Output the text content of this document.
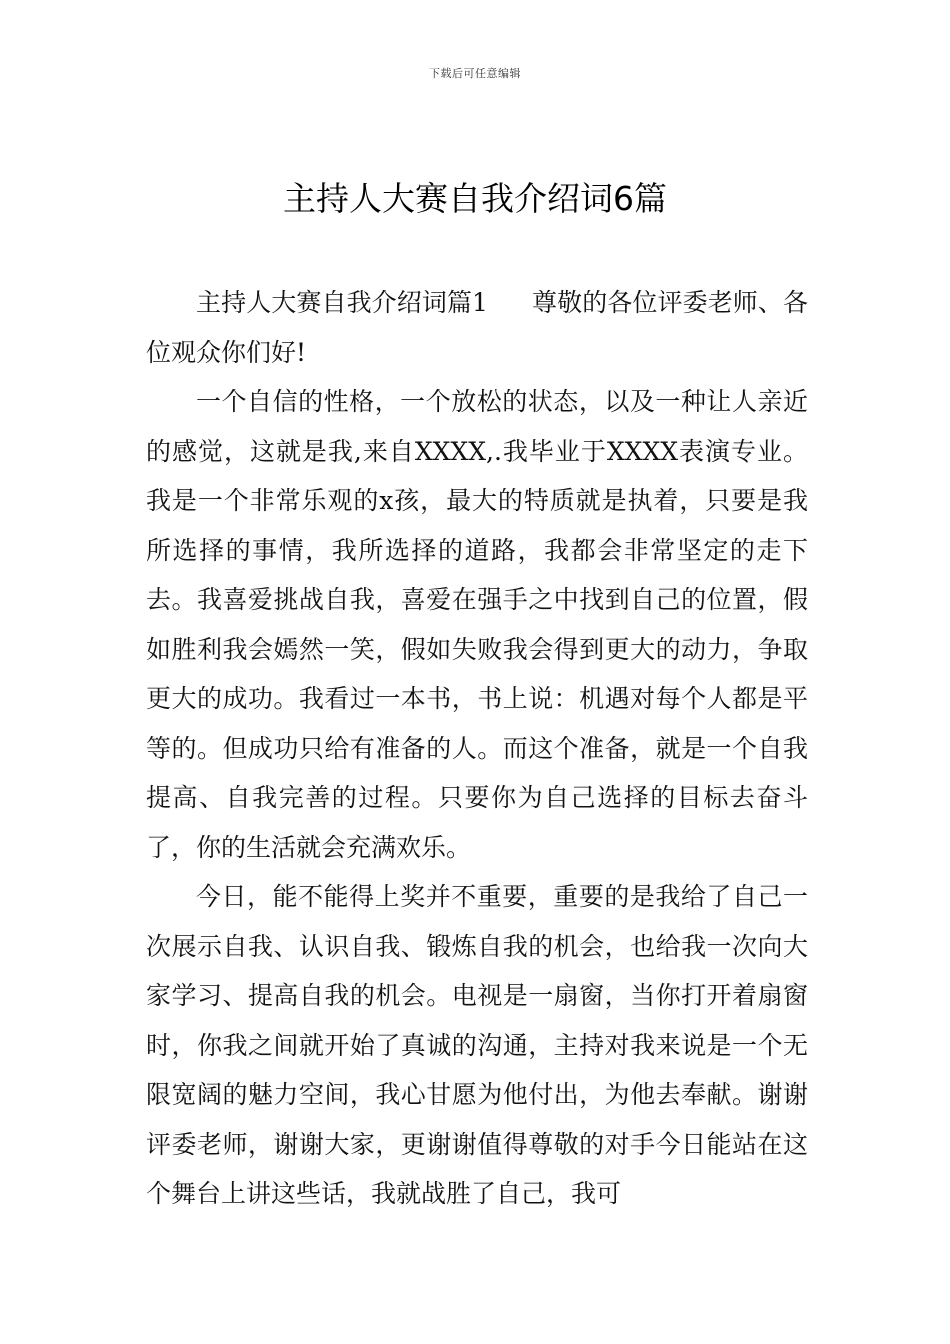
下载后可任意编辑
主持人大赛自我介绍词6篇

主持人大赛自我介绍词篇1 尊敬的各位评委老师、各位观众你们好!

一个自信的性格，一个放松的状态，以及一种让人亲近的感觉，这就是我,来自XXXX,.我毕业于XXXX表演专业。我是一个非常乐观的x孩，最大的特质就是执着，只要是我所选择的事情，我所选择的道路，我都会非常坚定的走下去。我喜爱挑战自我，喜爱在强手之中找到自己的位置，假如胜利我会嫣然一笑，假如失败我会得到更大的动力，争取更大的成功。我看过一本书，书上说：机遇对每个人都是平等的。但成功只给有准备的人。而这个准备，就是一个自我提高、自我完善的过程。只要你为自己选择的目标去奋斗了，你的生活就会充满欢乐。

今日，能不能得上奖并不重要，重要的是我给了自己一次展示自我、认识自我、锻炼自我的机会，也给我一次向大家学习、提高自我的机会。电视是一扇窗，当你打开着扇窗时，你我之间就开始了真诚的沟通，主持对我来说是一个无限宽阔的魅力空间，我心甘愿为他付出，为他去奉献。谢谢评委老师，谢谢大家，更谢谢值得尊敬的对手今日能站在这个舞台上讲这些话，我就战胜了自己，我可
